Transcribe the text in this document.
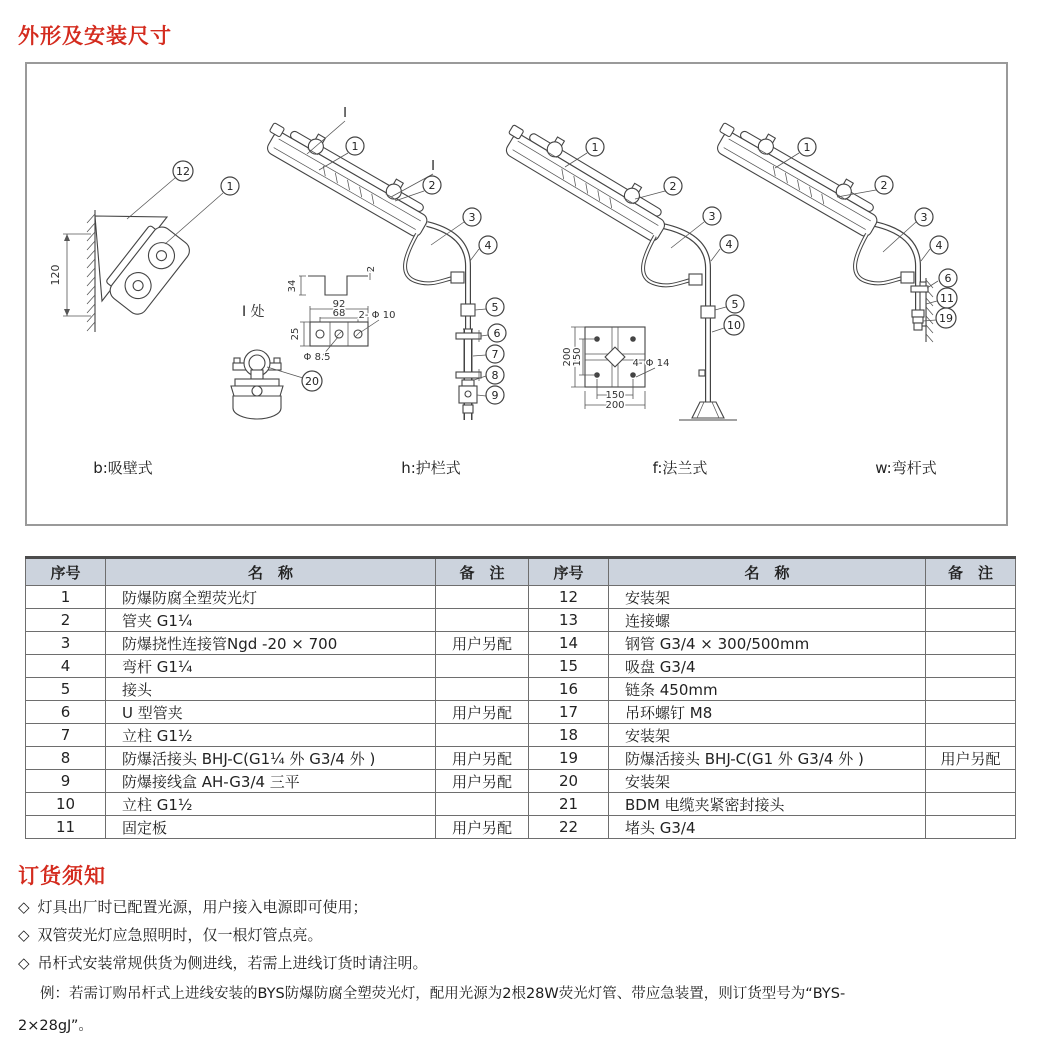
外形及安装尺寸
120
12
1
I 处
20
I
1
I
2
3
4
5
6
7
8
9
34
2
92
68
25
Φ 8.5
2- Φ 10
1
2
3
4
5
10
200 150
150
200
4- Φ 14
1
2
3
4
6
11
19
b:吸壁式	h:护栏式	f:法兰式	w:弯杆式
序号	名　称	备　注	序号	名　称	备　注
1	防爆防腐全塑荧光灯		12	安装架	
2	管夹 G1¼		13	连接螺	
3	防爆挠性连接管Ngd -20 × 700	用户另配	14	钢管 G3/4 × 300/500mm	
4	弯杆 G1¼		15	吸盘 G3/4	
5	接头		16	链条 450mm	
6	U 型管夹	用户另配	17	吊环螺钉 M8	
7	立柱 G1½		18	安装架	
8	防爆活接头 BHJ-C(G1¼ 外 G3/4 外 )	用户另配	19	防爆活接头 BHJ-C(G1 外 G3/4 外 )	用户另配
9	防爆接线盒 AH-G3/4 三平	用户另配	20	安装架	
10	立柱 G1½		21	BDM 电缆夹紧密封接头	
11	固定板	用户另配	22	堵头 G3/4	
订货须知
◇ 灯具出厂时已配置光源，用户接入电源即可使用；
◇ 双管荧光灯应急照明时，仅一根灯管点亮。
◇ 吊杆式安装常规供货为侧进线，若需上进线订货时请注明。
例：若需订购吊杆式上进线安装的BYS防爆防腐全塑荧光灯，配用光源为2根28W荧光灯管、带应急装置，则订货型号为“BYS-
2×28gJ”。
